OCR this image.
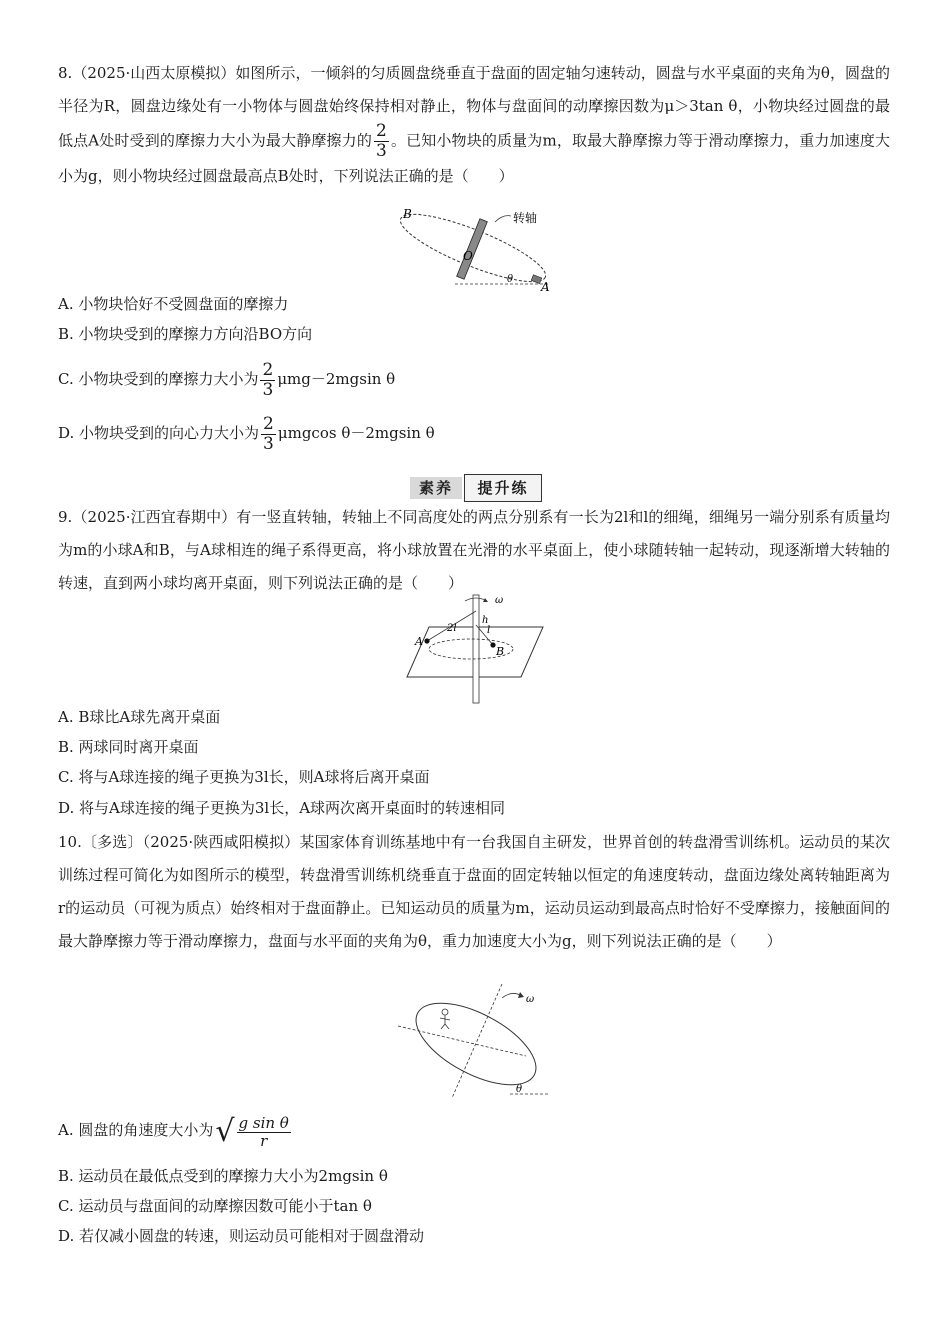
8.（2025·山西太原模拟）如图所示，一倾斜的匀质圆盘绕垂直于盘面的固定轴匀速转动，圆盘与水平桌面的夹角为θ，圆盘的半径为R，圆盘边缘处有一小物体与圆盘始终保持相对静止，物体与盘面间的动摩擦因数为μ＞3tan θ，小物块经过圆盘的最低点A处时受到的摩擦力大小为最大静摩擦力的 $\frac{2}{3}$ 。已知小物块的质量为m，取最大静摩擦力等于滑动摩擦力，重力加速度大小为g，则小物块经过圆盘最高点B处时，下列说法正确的是（　　）

B
O
A
θ
转轴

A. 小物块恰好不受圆盘面的摩擦力

B. 小物块受到的摩擦力方向沿BO方向

C. 小物块受到的摩擦力大小为 $\frac{2}{3} \mu mg-2mgsin$ θ

D. 小物块受到的向心力大小为 $\frac{2}{3}$ μmgcos θ－2mgsin θ

素养	提升练

9.（2025·江西宜春期中）有一竖直转轴，转轴上不同高度处的两点分别系有一长为2l和l的细绳，细绳另一端分别系有质量均为m的小球A和B，与A球相连的绳子系得更高，将小球放置在光滑的水平桌面上，使小球随转轴一起转动，现逐渐增大转轴的转速，直到两小球均离开桌面，则下列说法正确的是（　　）

ω
2l	l
h
A
B

A. B球比A球先离开桌面

B. 两球同时离开桌面

C. 将与A球连接的绳子更换为3l长，则A球将后离开桌面

D. 将与A球连接的绳子更换为3l长，A球两次离开桌面时的转速相同

10.〔多选〕（2025·陕西咸阳模拟）某国家体育训练基地中有一台我国自主研发，世界首创的转盘滑雪训练机。运动员的某次训练过程可简化为如图所示的模型，转盘滑雪训练机绕垂直于盘面的固定转轴以恒定的角速度转动，盘面边缘处离转轴距离为r的运动员（可视为质点）始终相对于盘面静止。已知运动员的质量为m，运动员运动到最高点时恰好不受摩擦力，接触面间的最大静摩擦力等于滑动摩擦力，盘面与水平面的夹角为θ，重力加速度大小为g，则下列说法正确的是（　　）

ω
θ

A. 圆盘的角速度大小为√ $\frac{\text{g sin θ}}{r}$

B. 运动员在最低点受到的摩擦力大小为2mgsin θ

C. 运动员与盘面间的动摩擦因数可能小于tan θ

D. 若仅减小圆盘的转速，则运动员可能相对于圆盘滑动
